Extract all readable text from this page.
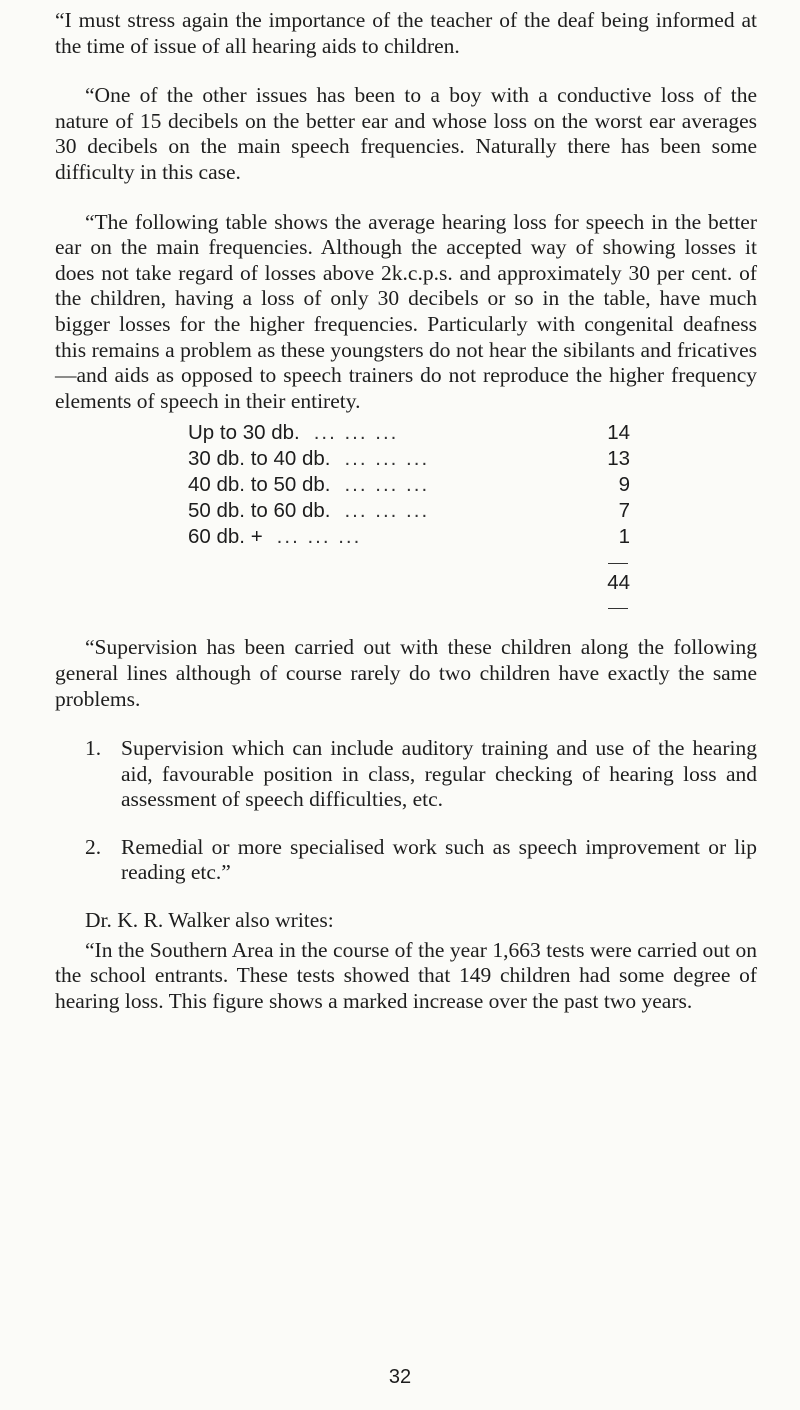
“I must stress again the importance of the teacher of the deaf being informed at the time of issue of all hearing aids to children.

“One of the other issues has been to a boy with a conductive loss of the nature of 15 decibels on the better ear and whose loss on the worst ear averages 30 decibels on the main speech frequencies. Naturally there has been some difficulty in this case.

“The following table shows the average hearing loss for speech in the better ear on the main frequencies. Although the accepted way of showing losses it does not take regard of losses above 2k.c.p.s. and approximately 30 per cent. of the children, having a loss of only 30 decibels or so in the table, have much bigger losses for the higher frequencies. Particularly with congenital deafness this remains a problem as these youngsters do not hear the sibilants and fricatives—and aids as opposed to speech trainers do not reproduce the higher frequency elements of speech in their entirety.

Up to 30 db. ... ... ...	14
30 db. to 40 db. ... ... ...	13
40 db. to 50 db. ... ... ...	9
50 db. to 60 db. ... ... ...	7
60 db. + ... ... ...	1
44

“Supervision has been carried out with these children along the following general lines although of course rarely do two children have exactly the same problems.

1. Supervision which can include auditory training and use of the hearing aid, favourable position in class, regular checking of hearing loss and assessment of speech difficulties, etc.
2. Remedial or more specialised work such as speech improvement or lip reading etc.”

Dr. K. R. Walker also writes:

“In the Southern Area in the course of the year 1,663 tests were carried out on the school entrants. These tests showed that 149 children had some degree of hearing loss. This figure shows a marked increase over the past two years.

32
